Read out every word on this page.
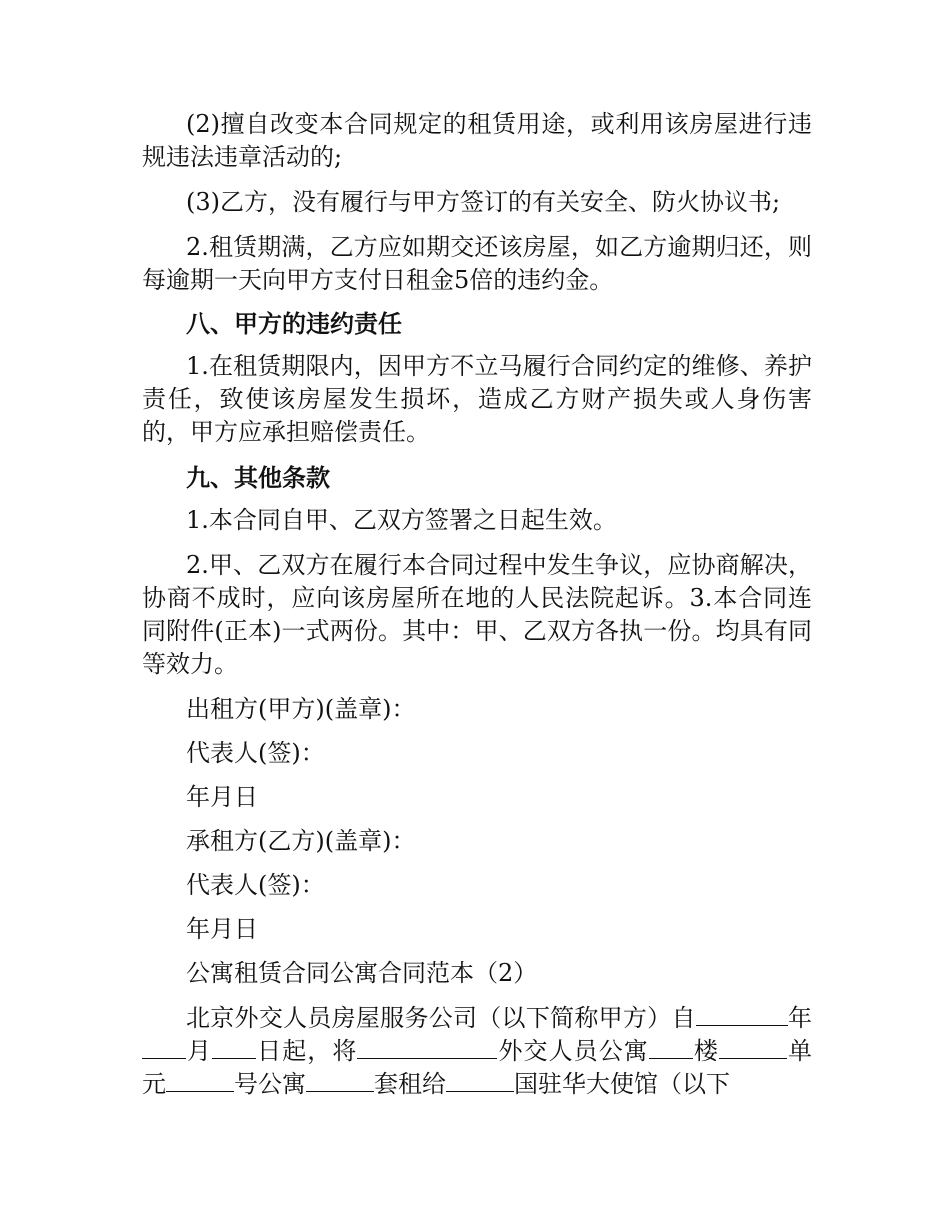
(2)擅自改变本合同规定的租赁用途，或利用该房屋进行违规违法违章活动的;

(3)乙方，没有履行与甲方签订的有关安全、防火协议书;

2.租赁期满，乙方应如期交还该房屋，如乙方逾期归还，则每逾期一天向甲方支付日租金5倍的违约金。

八、甲方的违约责任

1.在租赁期限内，因甲方不立马履行合同约定的维修、养护责任，致使该房屋发生损坏，造成乙方财产损失或人身伤害的，甲方应承担赔偿责任。

九、其他条款

1.本合同自甲、乙双方签署之日起生效。

2.甲、乙双方在履行本合同过程中发生争议，应协商解决，协商不成时，应向该房屋所在地的人民法院起诉。3.本合同连同附件(正本)一式两份。其中：甲、乙双方各执一份。均具有同等效力。

出租方(甲方)(盖章)：

代表人(签)：

年月日

承租方(乙方)(盖章)：

代表人(签)：

年月日

公寓租赁合同公寓合同范本（2）

北京外交人员房屋服务公司（以下简称甲方）自	年月 日起，将	外交人员公寓 楼	单元	号公寓	套租给	国驻华大使馆（以下
